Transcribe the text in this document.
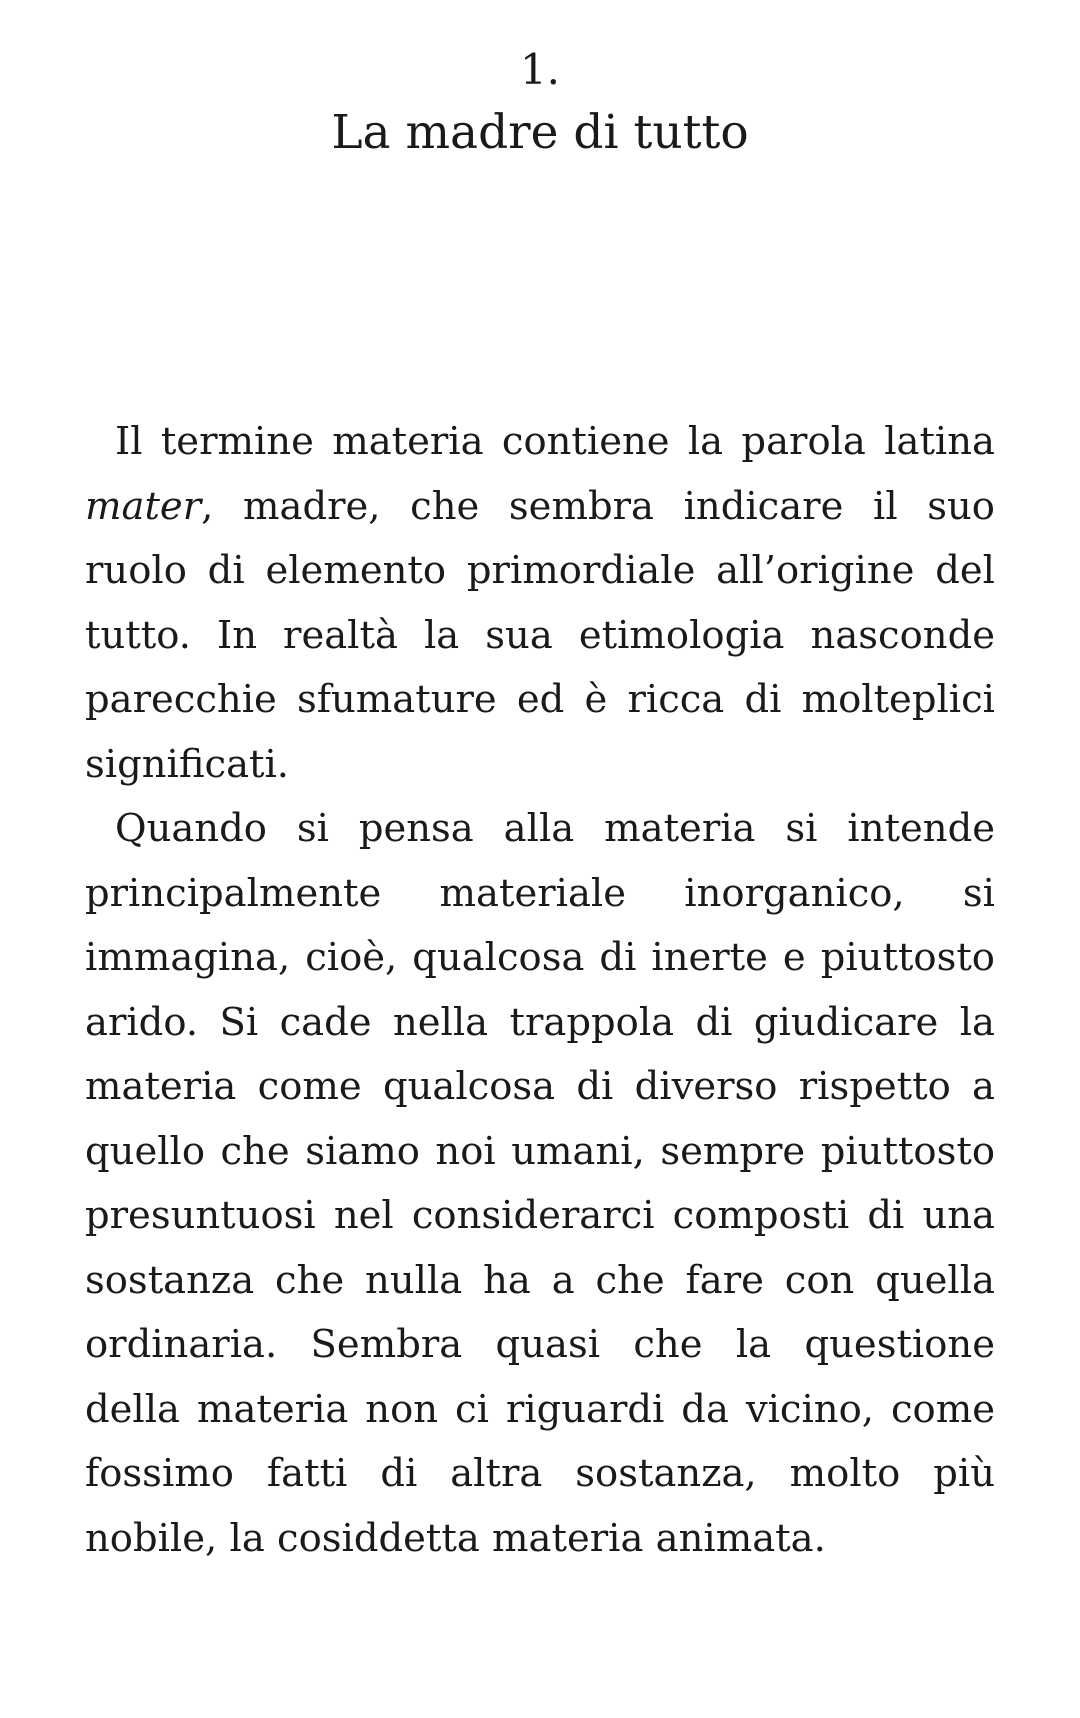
1.
La madre di tutto

Il termine materia contiene la parola latina mater, madre, che sembra indicare il suo ruolo di elemento primordiale all’origine del tutto. In realtà la sua etimologia nasconde parecchie sfumature ed è ricca di molteplici significati.

Quando si pensa alla materia si intende principalmente materiale inorganico, si immagina, cioè, qualcosa di inerte e piuttosto arido. Si cade nella trappola di giudicare la materia come qualcosa di diverso rispetto a quello che siamo noi umani, sempre piuttosto presuntuosi nel considerarci composti di una sostanza che nulla ha a che fare con quella ordinaria. Sembra quasi che la questione della materia non ci riguardi da vicino, come fossimo fatti di altra sostanza, molto più nobile, la cosiddetta materia animata.
